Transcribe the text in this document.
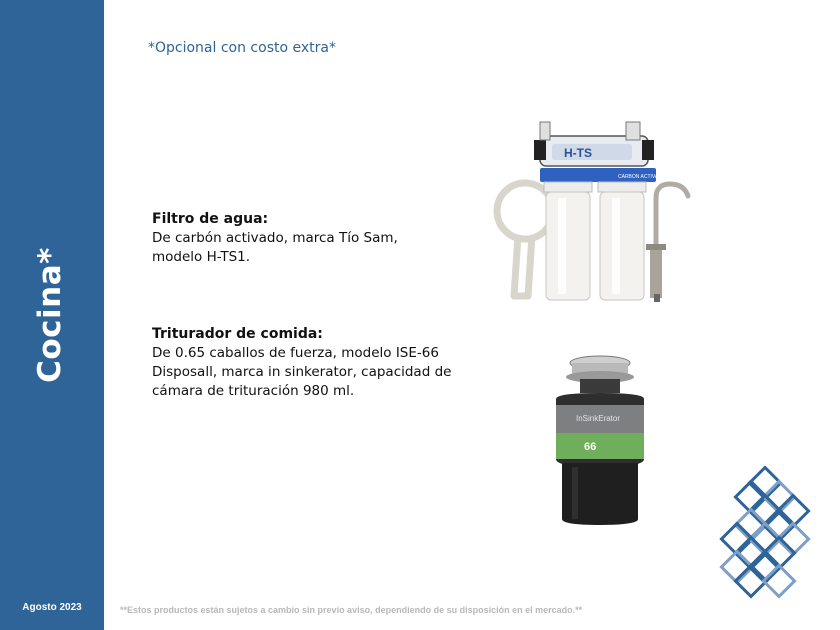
Cocina*
Agosto 2023
*Opcional con costo extra*
Filtro de agua:
De carbón activado, marca Tío Sam, modelo H-TS1.
Triturador de comida:
De 0.65 caballos de fuerza, modelo ISE-66 Disposall, marca in sinkerator, capacidad de cámara de trituración 980 ml.
H-TS
CARBON ACTIVADO
InSinkErator
66
**Estos productos están sujetos a cambio sin previo aviso, dependiendo de su disposición en el mercado.**
